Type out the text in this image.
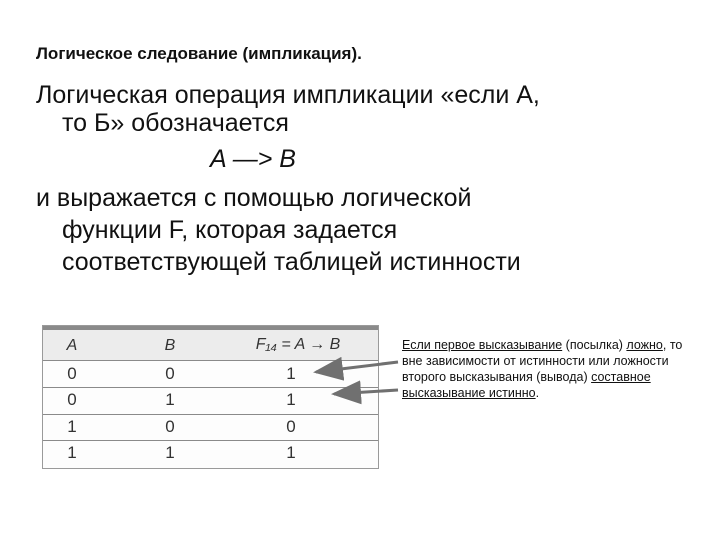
Логическое следование (импликация).
Логическая операция импликации «если А,
то Б» обозначается
A —> B
и выражается с помощью логической
функции F, которая задается
соответствующей таблицей истинности
A	B	F₁₄ = A → B
0	0	1
0	1	1
1	0	0
1	1	1
Если первое высказывание (посылка) ложно, то вне зависимости от истинности или ложности второго высказывания (вывода) составное высказывание истинно.
